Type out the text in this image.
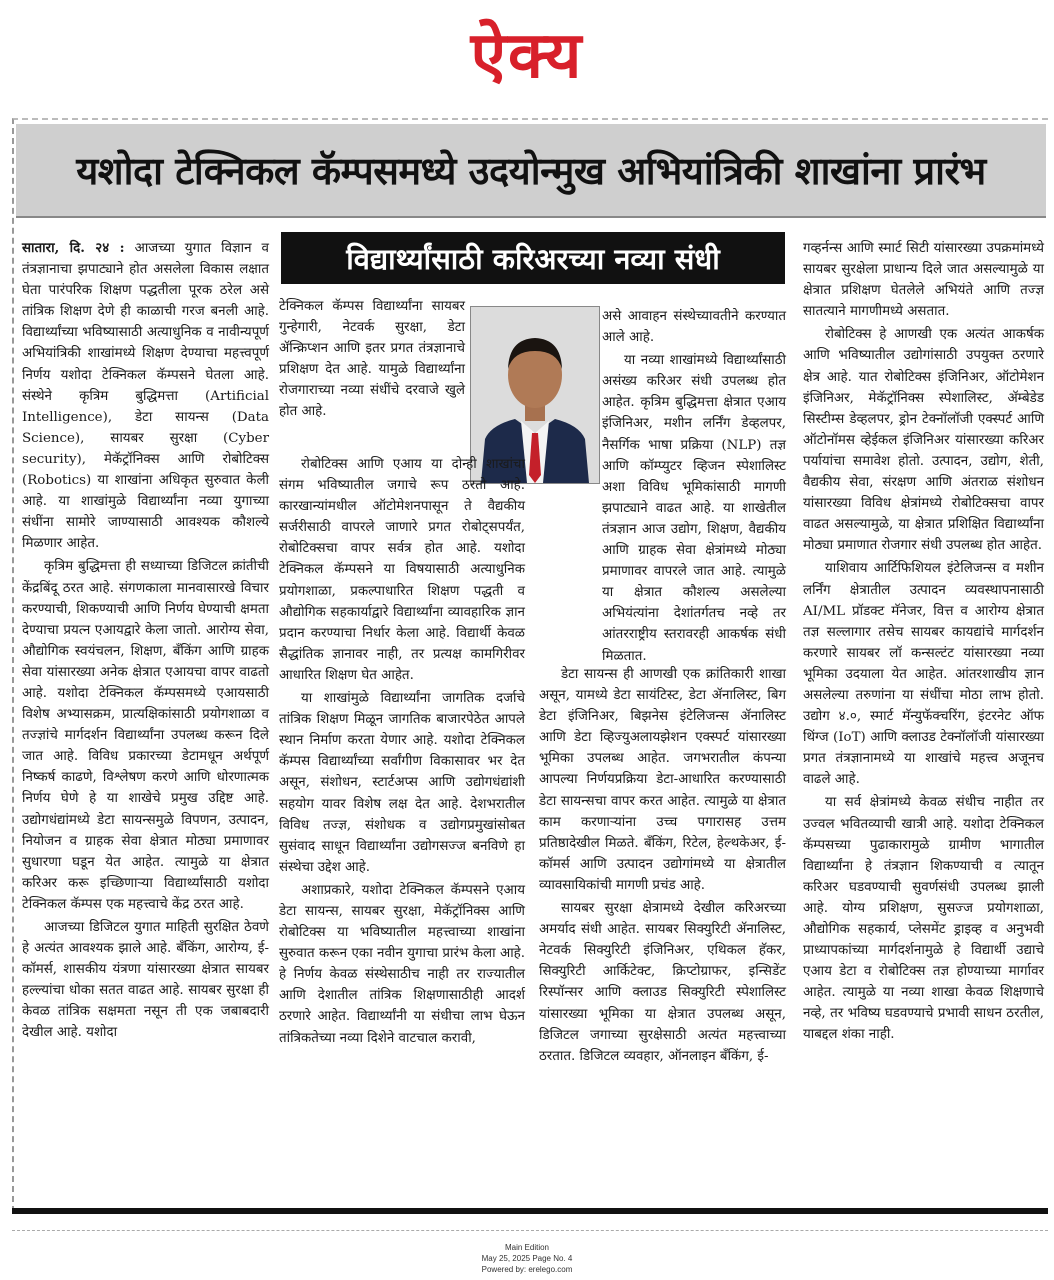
ऐक्य
यशोदा टेक्निकल कॅम्पसमध्ये उदयोन्मुख अभियांत्रिकी शाखांना प्रारंभ
विद्यार्थ्यांसाठी करिअरच्या नव्या संधी

सातारा, दि. २४ : आजच्या युगात विज्ञान व तंत्रज्ञानाचा झपाट्याने होत असलेला विकास लक्षात घेता पारंपरिक शिक्षण पद्धतीला पूरक ठरेल असे तांत्रिक शिक्षण देणे ही काळाची गरज बनली आहे. विद्यार्थ्यांच्या भविष्यासाठी अत्याधुनिक व नावीन्यपूर्ण अभियांत्रिकी शाखांमध्ये शिक्षण देण्याचा महत्त्वपूर्ण निर्णय यशोदा टेक्निकल कॅम्पसने घेतला आहे. संस्थेने कृत्रिम बुद्धिमत्ता (Artificial Intelligence), डेटा सायन्स (Data Science), सायबर सुरक्षा (Cyber security), मेकॅट्रॉनिक्स आणि रोबोटिक्स (Robotics) या शाखांना अधिकृत सुरुवात केली आहे. या शाखांमुळे विद्यार्थ्यांना नव्या युगाच्या संधींना सामोरे जाण्यासाठी आवश्यक कौशल्ये मिळणार आहेत.

कृत्रिम बुद्धिमत्ता ही सध्याच्या डिजिटल क्रांतीची केंद्रबिंदू ठरत आहे. संगणकाला मानवासारखे विचार करण्याची, शिकण्याची आणि निर्णय घेण्याची क्षमता देण्याचा प्रयत्न एआयद्वारे केला जातो. आरोग्य सेवा, औद्योगिक स्वयंचलन, शिक्षण, बँकिंग आणि ग्राहक सेवा यांसारख्या अनेक क्षेत्रात एआयचा वापर वाढतो आहे. यशोदा टेक्निकल कॅम्पसमध्ये एआयसाठी विशेष अभ्यासक्रम, प्रात्यक्षिकांसाठी प्रयोगशाळा व तज्ज्ञांचे मार्गदर्शन विद्यार्थ्यांना उपलब्ध करून दिले जात आहे. विविध प्रकारच्या डेटामधून अर्थपूर्ण निष्कर्ष काढणे, विश्लेषण करणे आणि धोरणात्मक निर्णय घेणे हे या शाखेचे प्रमुख उद्दिष्ट आहे. उद्योगधंद्यांमध्ये डेटा सायन्समुळे विपणन, उत्पादन, नियोजन व ग्राहक सेवा क्षेत्रात मोठ्या प्रमाणावर सुधारणा घडून येत आहेत. त्यामुळे या क्षेत्रात करिअर करू इच्छिणाऱ्या विद्यार्थ्यांसाठी यशोदा टेक्निकल कॅम्पस एक महत्त्वाचे केंद्र ठरत आहे.

आजच्या डिजिटल युगात माहिती सुरक्षित ठेवणे हे अत्यंत आवश्यक झाले आहे. बँकिंग, आरोग्य, ई-कॉमर्स, शासकीय यंत्रणा यांसारख्या क्षेत्रात सायबर हल्ल्यांचा धोका सतत वाढत आहे. सायबर सुरक्षा ही केवळ तांत्रिक सक्षमता नसून ती एक जबाबदारी देखील आहे. यशोदा

टेक्निकल कॅम्पस विद्यार्थ्यांना सायबर गुन्हेगारी, नेटवर्क सुरक्षा, डेटा ॲन्क्रिप्शन आणि इतर प्रगत तंत्रज्ञानाचे प्रशिक्षण देत आहे. यामुळे विद्यार्थ्यांना रोजगाराच्या नव्या संधींचे दरवाजे खुले होत आहे.

रोबोटिक्स आणि एआय या दोन्ही शाखांचा संगम भविष्यातील जगाचे रूप ठरतो आहे. कारखान्यांमधील ऑटोमेशनपासून ते वैद्यकीय सर्जरीसाठी वापरले जाणारे प्रगत रोबोट्सपर्यंत, रोबोटिक्सचा वापर सर्वत्र होत आहे. यशोदा टेक्निकल कॅम्पसने या विषयासाठी अत्याधुनिक प्रयोगशाळा, प्रकल्पाधारित शिक्षण पद्धती व औद्योगिक सहकार्याद्वारे विद्यार्थ्यांना व्यावहारिक ज्ञान प्रदान करण्याचा निर्धार केला आहे. विद्यार्थी केवळ सैद्धांतिक ज्ञानावर नाही, तर प्रत्यक्ष कामगिरीवर आधारित शिक्षण घेत आहेत.

या शाखांमुळे विद्यार्थ्यांना जागतिक दर्जाचे तांत्रिक शिक्षण मिळून जागतिक बाजारपेठेत आपले स्थान निर्माण करता येणार आहे. यशोदा टेक्निकल कॅम्पस विद्यार्थ्यांच्या सर्वांगीण विकासावर भर देत असून, संशोधन, स्टार्टअप्स आणि उद्योगधंद्यांशी सहयोग यावर विशेष लक्ष देत आहे. देशभरातील विविध तज्ज्ञ, संशोधक व उद्योगप्रमुखांसोबत सुसंवाद साधून विद्यार्थ्यांना उद्योगसज्ज बनविणे हा संस्थेचा उद्देश आहे.

अशाप्रकारे, यशोदा टेक्निकल कॅम्पसने एआय डेटा सायन्स, सायबर सुरक्षा, मेकॅट्रॉनिक्स आणि रोबोटिक्स या भविष्यातील महत्त्वाच्या शाखांना सुरुवात करून एका नवीन युगाचा प्रारंभ केला आहे. हे निर्णय केवळ संस्थेसाठीच नाही तर राज्यातील आणि देशातील तांत्रिक शिक्षणासाठीही आदर्श ठरणारे आहेत. विद्यार्थ्यांनी या संधीचा लाभ घेऊन तांत्रिकतेच्या नव्या दिशेने वाटचाल करावी,

असे आवाहन संस्थेच्यावतीने करण्यात आले आहे.

या नव्या शाखांमध्ये विद्यार्थ्यांसाठी असंख्य करिअर संधी उपलब्ध होत आहेत. कृत्रिम बुद्धिमत्ता क्षेत्रात एआय इंजिनिअर, मशीन लर्निंग डेव्हलपर, नैसर्गिक भाषा प्रक्रिया (NLP) तज्ञ आणि कॉम्प्युटर व्हिजन स्पेशालिस्ट अशा विविध भूमिकांसाठी मागणी झपाट्याने वाढत आहे. या शाखेतील तंत्रज्ञान आज उद्योग, शिक्षण, वैद्यकीय आणि ग्राहक सेवा क्षेत्रांमध्ये मोठ्या प्रमाणावर वापरले जात आहे. त्यामुळे या क्षेत्रात कौशल्य असलेल्या अभियंत्यांना देशांतर्गतच नव्हे तर आंतरराष्ट्रीय स्तरावरही आकर्षक संधी मिळतात.

डेटा सायन्स ही आणखी एक क्रांतिकारी शाखा असून, यामध्ये डेटा सायंटिस्ट, डेटा ॲनालिस्ट, बिग डेटा इंजिनिअर, बिझनेस इंटेलिजन्स ॲनालिस्ट आणि डेटा व्हिज्युअलायझेशन एक्स्पर्ट यांसारख्या भूमिका उपलब्ध आहेत. जगभरातील कंपन्या आपल्या निर्णयप्रक्रिया डेटा-आधारित करण्यासाठी डेटा सायन्सचा वापर करत आहेत. त्यामुळे या क्षेत्रात काम करणाऱ्यांना उच्च पगारासह उत्तम प्रतिष्ठादेखील मिळते. बँकिंग, रिटेल, हेल्थकेअर, ई-कॉमर्स आणि उत्पादन उद्योगांमध्ये या क्षेत्रातील व्यावसायिकांची मागणी प्रचंड आहे.

सायबर सुरक्षा क्षेत्रामध्ये देखील करिअरच्या अमर्याद संधी आहेत. सायबर सिक्युरिटी ॲनालिस्ट, नेटवर्क सिक्युरिटी इंजिनिअर, एथिकल हॅकर, सिक्युरिटी आर्किटेक्ट, क्रिप्टोग्राफर, इन्सिडेंट रिस्पॉन्सर आणि क्लाउड सिक्युरिटी स्पेशालिस्ट यांसारख्या भूमिका या क्षेत्रात उपलब्ध असून, डिजिटल जगाच्या सुरक्षेसाठी अत्यंत महत्त्वाच्या ठरतात. डिजिटल व्यवहार, ऑनलाइन बँकिंग, ई-

गव्हर्नन्स आणि स्मार्ट सिटी यांसारख्या उपक्रमांमध्ये सायबर सुरक्षेला प्राधान्य दिले जात असल्यामुळे या क्षेत्रात प्रशिक्षण घेतलेले अभियंते आणि तज्ज्ञ सातत्याने मागणीमध्ये असतात.

रोबोटिक्स हे आणखी एक अत्यंत आकर्षक आणि भविष्यातील उद्योगांसाठी उपयुक्त ठरणारे क्षेत्र आहे. यात रोबोटिक्स इंजिनिअर, ऑटोमेशन इंजिनिअर, मेकॅट्रॉनिक्स स्पेशालिस्ट, ॲम्बेडेड सिस्टीम्स डेव्हलपर, ड्रोन टेक्नॉलॉजी एक्स्पर्ट आणि ऑटोनॉमस व्हेईकल इंजिनिअर यांसारख्या करिअर पर्यायांचा समावेश होतो. उत्पादन, उद्योग, शेती, वैद्यकीय सेवा, संरक्षण आणि अंतराळ संशोधन यांसारख्या विविध क्षेत्रांमध्ये रोबोटिक्सचा वापर वाढत असल्यामुळे, या क्षेत्रात प्रशिक्षित विद्यार्थ्यांना मोठ्या प्रमाणात रोजगार संधी उपलब्ध होत आहेत.

याशिवाय आर्टिफिशियल इंटेलिजन्स व मशीन लर्निंग क्षेत्रातील उत्पादन व्यवस्थापनासाठी AI/ML प्रॉडक्ट मॅनेजर, वित्त व आरोग्य क्षेत्रात तज्ञ सल्लागार तसेच सायबर कायद्यांचे मार्गदर्शन करणारे सायबर लॉ कन्सल्टंट यांसारख्या नव्या भूमिका उदयाला येत आहेत. आंतरशाखीय ज्ञान असलेल्या तरुणांना या संधींचा मोठा लाभ होतो. उद्योग ४.०, स्मार्ट मॅन्युफॅक्चरिंग, इंटरनेट ऑफ थिंग्ज (IoT) आणि क्लाउड टेक्नॉलॉजी यांसारख्या प्रगत तंत्रज्ञानामध्ये या शाखांचे महत्त्व अजूनच वाढले आहे.

या सर्व क्षेत्रांमध्ये केवळ संधीच नाहीत तर उज्वल भवितव्याची खात्री आहे. यशोदा टेक्निकल कॅम्पसच्या पुढाकारामुळे ग्रामीण भागातील विद्यार्थ्यांना हे तंत्रज्ञान शिकण्याची व त्यातून करिअर घडवण्याची सुवर्णसंधी उपलब्ध झाली आहे. योग्य प्रशिक्षण, सुसज्ज प्रयोगशाळा, औद्योगिक सहकार्य, प्लेसमेंट ड्राइव्ह व अनुभवी प्राध्यापकांच्या मार्गदर्शनामुळे हे विद्यार्थी उद्याचे एआय डेटा व रोबोटिक्स तज्ञ होण्याच्या मार्गावर आहेत. त्यामुळे या नव्या शाखा केवळ शिक्षणाचे नव्हे, तर भविष्य घडवण्याचे प्रभावी साधन ठरतील, याबद्दल शंका नाही.

Main Edition
May 25, 2025 Page No. 4
Powered by: erelego.com
